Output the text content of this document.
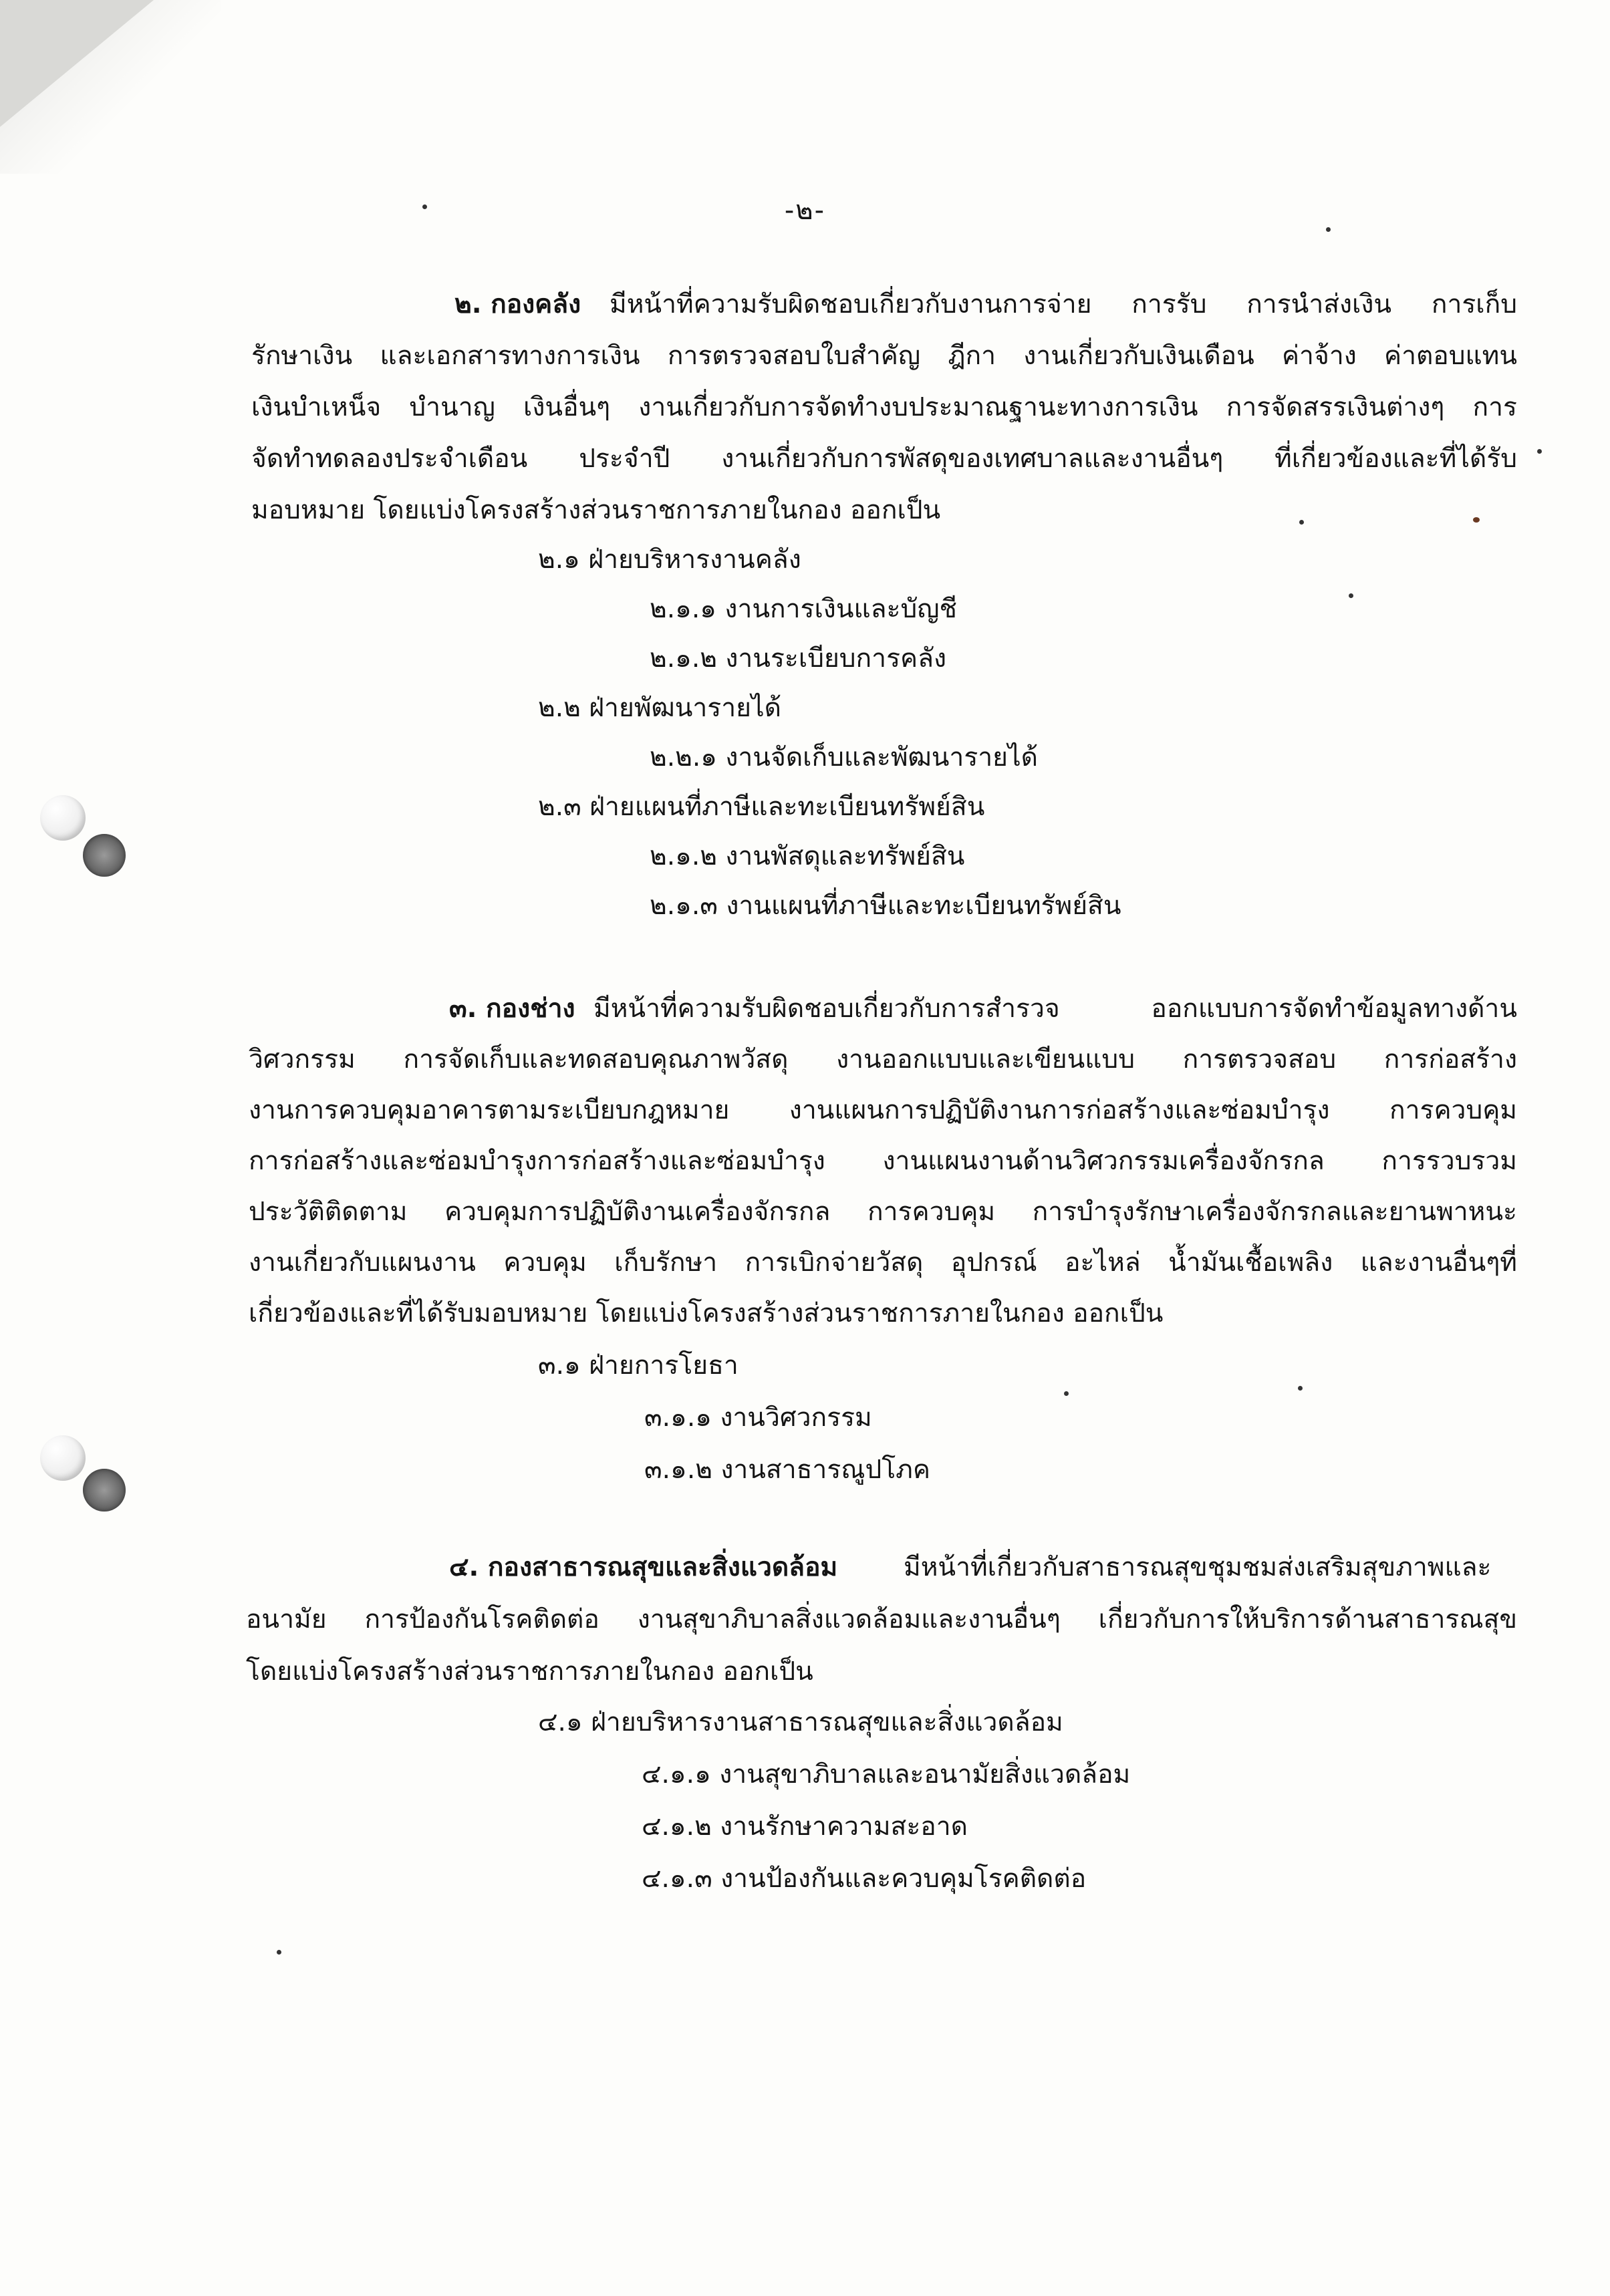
-๒-
๒. กองคลัง มีหน้าที่ความรับผิดชอบเกี่ยวกับงานการจ่าย การรับ การนำส่งเงิน การเก็บ
รักษาเงิน และเอกสารทางการเงิน การตรวจสอบใบสำคัญ ฎีกา งานเกี่ยวกับเงินเดือน ค่าจ้าง ค่าตอบแทน
เงินบำเหน็จ บำนาญ เงินอื่นๆ งานเกี่ยวกับการจัดทำงบประมาณฐานะทางการเงิน การจัดสรรเงินต่างๆ การ
จัดทำทดลองประจำเดือน ประจำปี งานเกี่ยวกับการพัสดุของเทศบาลและงานอื่นๆ ที่เกี่ยวข้องและที่ได้รับ
มอบหมาย โดยแบ่งโครงสร้างส่วนราชการภายในกอง ออกเป็น
๒.๑ ฝ่ายบริหารงานคลัง
๒.๑.๑ งานการเงินและบัญชี
๒.๑.๒ งานระเบียบการคลัง
๒.๒ ฝ่ายพัฒนารายได้
๒.๒.๑ งานจัดเก็บและพัฒนารายได้
๒.๓ ฝ่ายแผนที่ภาษีและทะเบียนทรัพย์สิน
๒.๑.๒ งานพัสดุและทรัพย์สิน
๒.๑.๓ งานแผนที่ภาษีและทะเบียนทรัพย์สิน
๓. กองช่าง มีหน้าที่ความรับผิดชอบเกี่ยวกับการสำรวจ ออกแบบการจัดทำข้อมูลทางด้าน
วิศวกรรม การจัดเก็บและทดสอบคุณภาพวัสดุ งานออกแบบและเขียนแบบ การตรวจสอบ การก่อสร้าง
งานการควบคุมอาคารตามระเบียบกฎหมาย งานแผนการปฏิบัติงานการก่อสร้างและซ่อมบำรุง การควบคุม
การก่อสร้างและซ่อมบำรุงการก่อสร้างและซ่อมบำรุง งานแผนงานด้านวิศวกรรมเครื่องจักรกล การรวบรวม
ประวัติติดตาม ควบคุมการปฏิบัติงานเครื่องจักรกล การควบคุม การบำรุงรักษาเครื่องจักรกลและยานพาหนะ
งานเกี่ยวกับแผนงาน ควบคุม เก็บรักษา การเบิกจ่ายวัสดุ อุปกรณ์ อะไหล่ น้ำมันเชื้อเพลิง และงานอื่นๆที่
เกี่ยวข้องและที่ได้รับมอบหมาย โดยแบ่งโครงสร้างส่วนราชการภายในกอง ออกเป็น
๓.๑ ฝ่ายการโยธา
๓.๑.๑ งานวิศวกรรม
๓.๑.๒ งานสาธารณูปโภค
๔. กองสาธารณสุขและสิ่งแวดล้อม	มีหน้าที่เกี่ยวกับสาธารณสุขชุมชมส่งเสริมสุขภาพและ
อนามัย การป้องกันโรคติดต่อ งานสุขาภิบาลสิ่งแวดล้อมและงานอื่นๆ เกี่ยวกับการให้บริการด้านสาธารณสุข
โดยแบ่งโครงสร้างส่วนราชการภายในกอง ออกเป็น
๔.๑ ฝ่ายบริหารงานสาธารณสุขและสิ่งแวดล้อม
๔.๑.๑ งานสุขาภิบาลและอนามัยสิ่งแวดล้อม
๔.๑.๒ งานรักษาความสะอาด
๔.๑.๓ งานป้องกันและควบคุมโรคติดต่อ
